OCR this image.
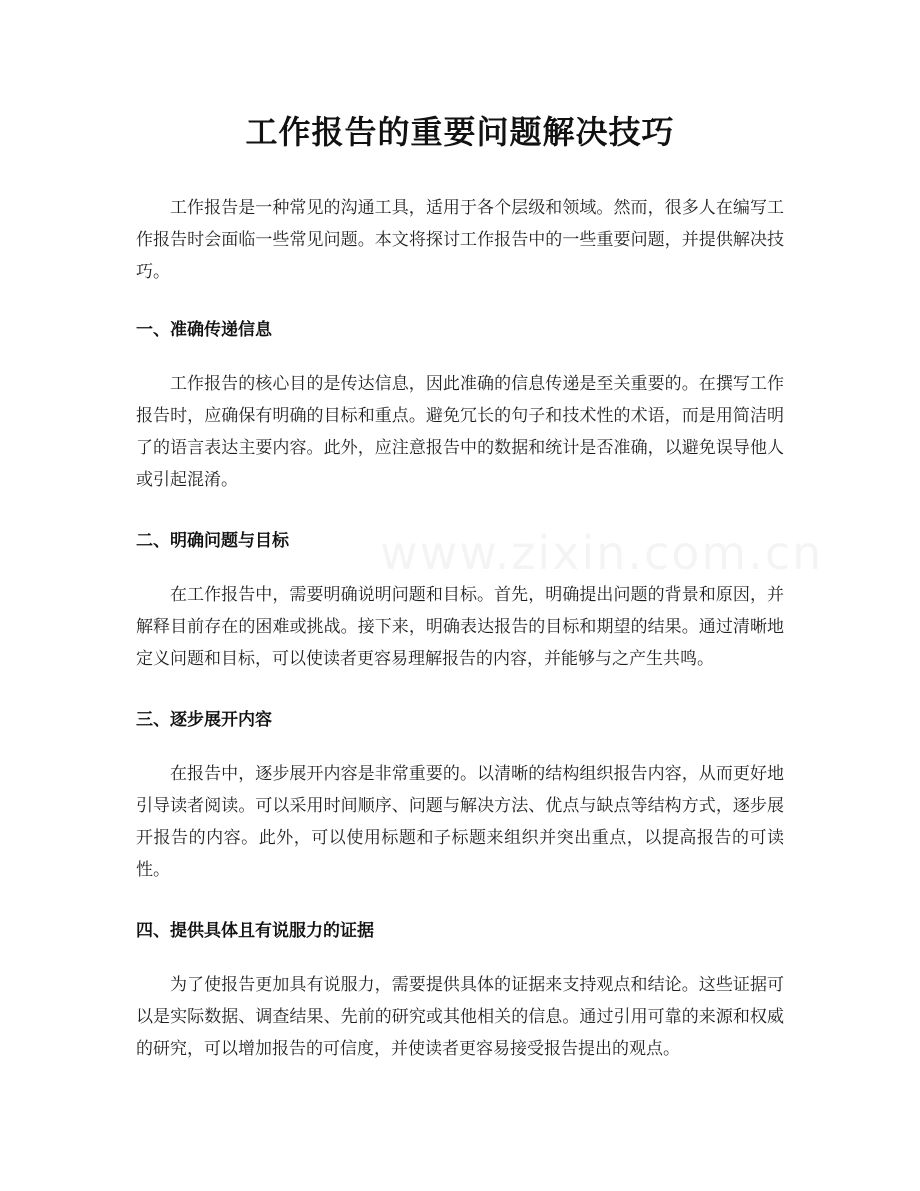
工作报告的重要问题解决技巧

工作报告是一种常见的沟通工具，适用于各个层级和领域。然而，很多人在编写工作报告时会面临一些常见问题。本文将探讨工作报告中的一些重要问题，并提供解决技巧。

一、准确传递信息

工作报告的核心目的是传达信息，因此准确的信息传递是至关重要的。在撰写工作报告时，应确保有明确的目标和重点。避免冗长的句子和技术性的术语，而是用简洁明了的语言表达主要内容。此外，应注意报告中的数据和统计是否准确，以避免误导他人或引起混淆。

二、明确问题与目标

在工作报告中，需要明确说明问题和目标。首先，明确提出问题的背景和原因，并解释目前存在的困难或挑战。接下来，明确表达报告的目标和期望的结果。通过清晰地定义问题和目标，可以使读者更容易理解报告的内容，并能够与之产生共鸣。

三、逐步展开内容

在报告中，逐步展开内容是非常重要的。以清晰的结构组织报告内容，从而更好地引导读者阅读。可以采用时间顺序、问题与解决方法、优点与缺点等结构方式，逐步展开报告的内容。此外，可以使用标题和子标题来组织并突出重点，以提高报告的可读性。

四、提供具体且有说服力的证据

为了使报告更加具有说服力，需要提供具体的证据来支持观点和结论。这些证据可以是实际数据、调查结果、先前的研究或其他相关的信息。通过引用可靠的来源和权威的研究，可以增加报告的可信度，并使读者更容易接受报告提出的观点。
